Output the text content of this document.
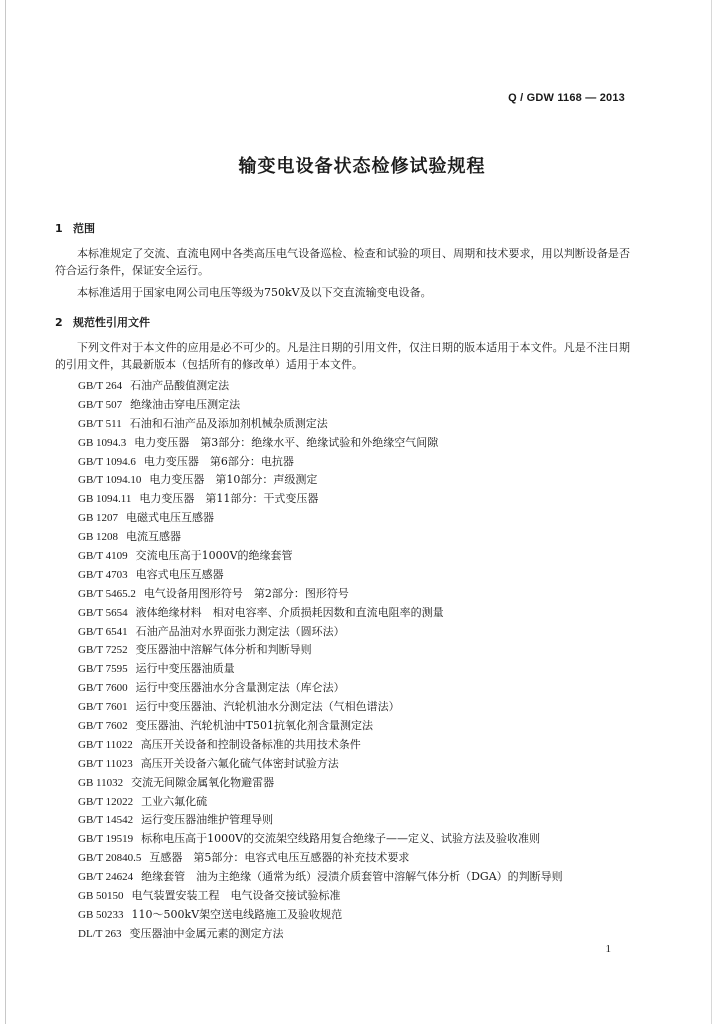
Q / GDW 1168 — 2013
输变电设备状态检修试验规程
1 范围
本标准规定了交流、直流电网中各类高压电气设备巡检、检查和试验的项目、周期和技术要求，用以判断设备是否符合运行条件，保证安全运行。
本标准适用于国家电网公司电压等级为750kV及以下交直流输变电设备。
2 规范性引用文件
下列文件对于本文件的应用是必不可少的。凡是注日期的引用文件，仅注日期的版本适用于本文件。凡是不注日期的引用文件，其最新版本（包括所有的修改单）适用于本文件。
GB/T 264 石油产品酸值测定法
GB/T 507 绝缘油击穿电压测定法
GB/T 511 石油和石油产品及添加剂机械杂质测定法
GB 1094.3 电力变压器　第3部分：绝缘水平、绝缘试验和外绝缘空气间隙
GB/T 1094.6 电力变压器　第6部分：电抗器
GB/T 1094.10 电力变压器　第10部分：声级测定
GB 1094.11 电力变压器　第11部分：干式变压器
GB 1207 电磁式电压互感器
GB 1208 电流互感器
GB/T 4109 交流电压高于1000V的绝缘套管
GB/T 4703 电容式电压互感器
GB/T 5465.2 电气设备用图形符号　第2部分：图形符号
GB/T 5654 液体绝缘材料　相对电容率、介质损耗因数和直流电阻率的测量
GB/T 6541 石油产品油对水界面张力测定法（圆环法）
GB/T 7252 变压器油中溶解气体分析和判断导则
GB/T 7595 运行中变压器油质量
GB/T 7600 运行中变压器油水分含量测定法（库仑法）
GB/T 7601 运行中变压器油、汽轮机油水分测定法（气相色谱法）
GB/T 7602 变压器油、汽轮机油中T501抗氧化剂含量测定法
GB/T 11022 高压开关设备和控制设备标准的共用技术条件
GB/T 11023 高压开关设备六氟化硫气体密封试验方法
GB 11032 交流无间隙金属氧化物避雷器
GB/T 12022 工业六氟化硫
GB/T 14542 运行变压器油维护管理导则
GB/T 19519 标称电压高于1000V的交流架空线路用复合绝缘子——定义、试验方法及验收准则
GB/T 20840.5 互感器　第5部分：电容式电压互感器的补充技术要求
GB/T 24624 绝缘套管　油为主绝缘（通常为纸）浸渍介质套管中溶解气体分析（DGA）的判断导则
GB 50150 电气装置安装工程　电气设备交接试验标准
GB 50233 110～500kV架空送电线路施工及验收规范
DL/T 263 变压器油中金属元素的测定方法
1
